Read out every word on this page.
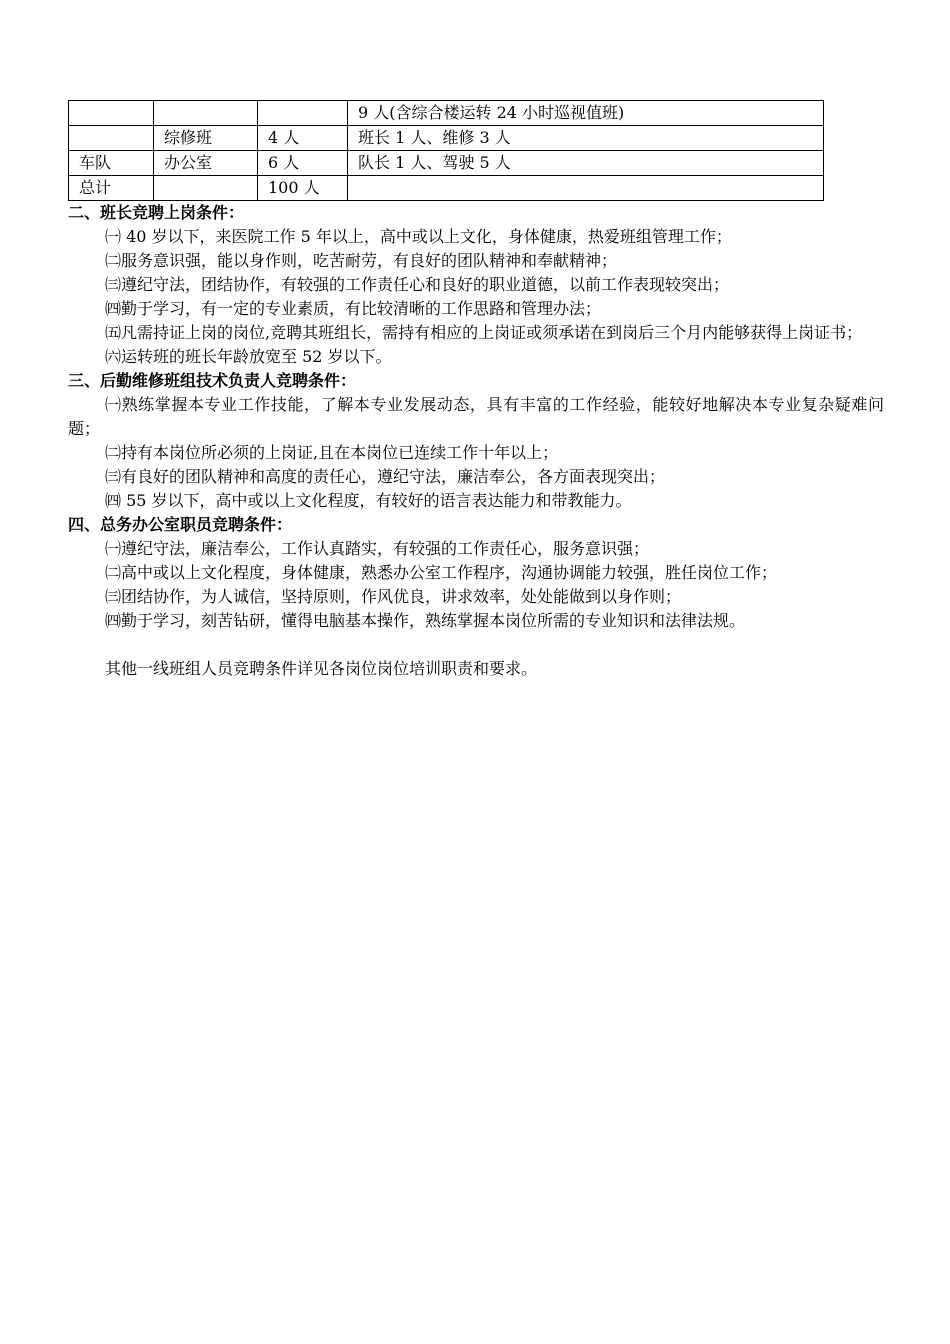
			9 人(含综合楼运转 24 小时巡视值班)
	综修班	4 人	班长 1 人、维修 3 人
车队	办公室	6 人	队长 1 人、驾驶 5 人
总计		100 人	

二、班长竞聘上岗条件：

㈠ 40 岁以下，来医院工作 5 年以上，高中或以上文化，身体健康，热爱班组管理工作；

㈡服务意识强，能以身作则，吃苦耐劳，有良好的团队精神和奉献精神；

㈢遵纪守法，团结协作，有较强的工作责任心和良好的职业道德，以前工作表现较突出；

㈣勤于学习，有一定的专业素质，有比较清晰的工作思路和管理办法；

㈤凡需持证上岗的岗位,竞聘其班组长，需持有相应的上岗证或须承诺在到岗后三个月内能够获得上岗证书；

㈥运转班的班长年龄放宽至 52 岁以下。

三、后勤维修班组技术负责人竞聘条件：

㈠熟练掌握本专业工作技能，了解本专业发展动态，具有丰富的工作经验，能较好地解决本专业复杂疑难问题；

㈡持有本岗位所必须的上岗证,且在本岗位已连续工作十年以上；

㈢有良好的团队精神和高度的责任心，遵纪守法，廉洁奉公，各方面表现突出；

㈣ 55 岁以下，高中或以上文化程度，有较好的语言表达能力和带教能力。

四、总务办公室职员竞聘条件：

㈠遵纪守法，廉洁奉公，工作认真踏实，有较强的工作责任心，服务意识强；

㈡高中或以上文化程度，身体健康，熟悉办公室工作程序，沟通协调能力较强，胜任岗位工作；

㈢团结协作，为人诚信，坚持原则，作风优良，讲求效率，处处能做到以身作则；

㈣勤于学习，刻苦钻研，懂得电脑基本操作，熟练掌握本岗位所需的专业知识和法律法规。

其他一线班组人员竞聘条件详见各岗位岗位培训职责和要求。
